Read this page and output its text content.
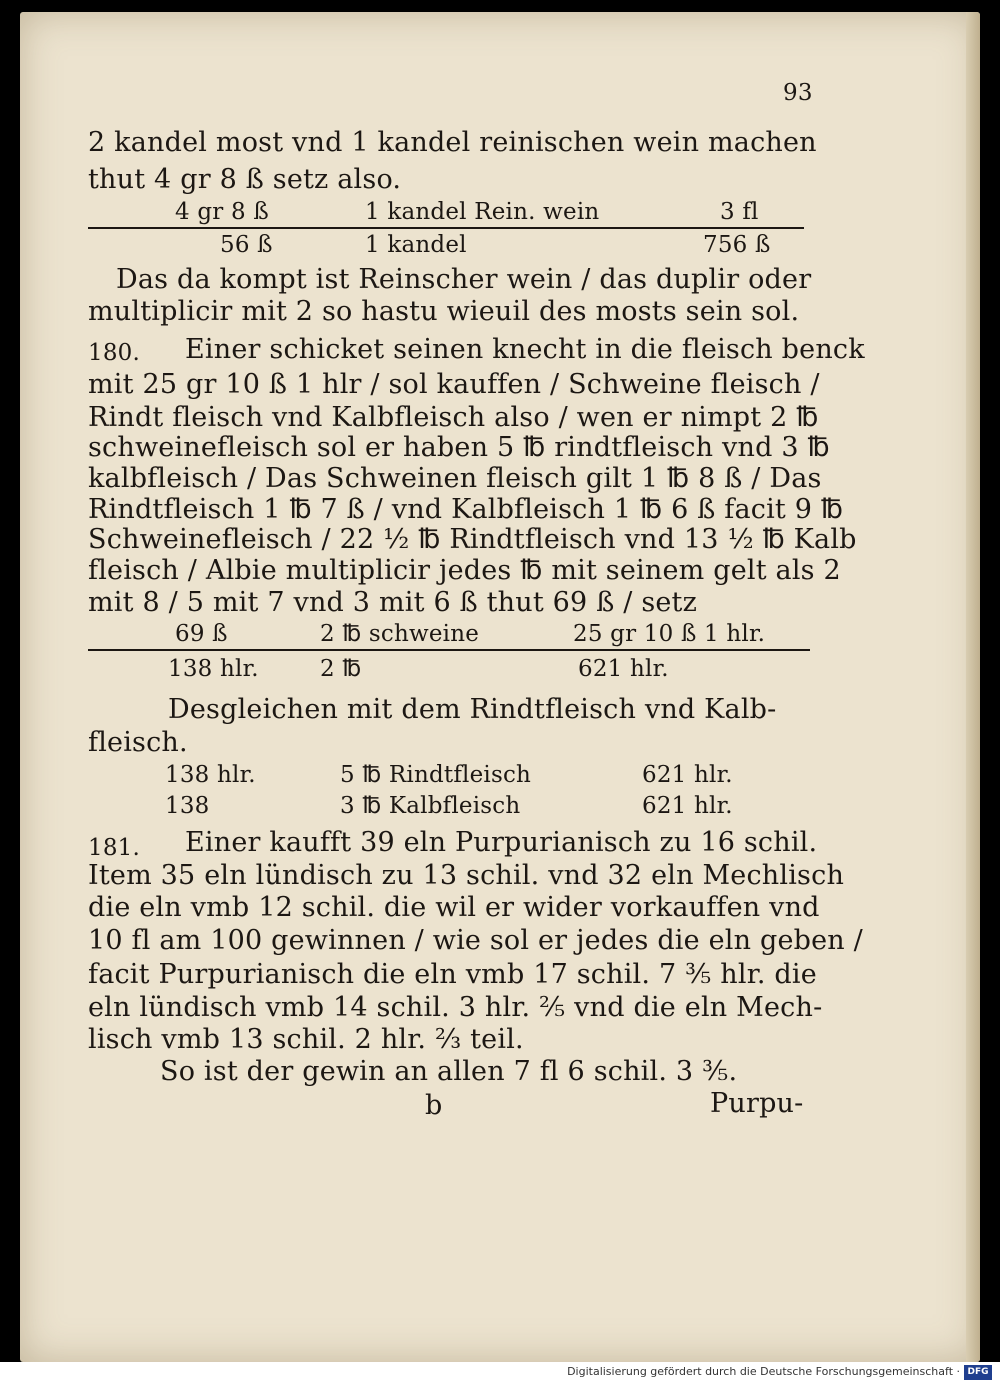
93
2 kandel most vnd 1 kandel reinischen wein machen
thut 4 gr 8 ß setz also.
4 gr 8 ß	1 kandel Rein. wein	3 fl
56 ß	1 kandel	756 ß
Das da kompt ist Reinscher wein / das duplir oder
multiplicir mit 2 so hastu wieuil des mosts sein sol.
180. Einer schicket seinen knecht in die fleisch benck
mit 25 gr 10 ß 1 hlr / sol kauffen / Schweine fleisch /
Rindt fleisch vnd Kalbfleisch also / wen er nimpt 2 ℔
schweinefleisch sol er haben 5 ℔ rindtfleisch vnd 3 ℔
kalbfleisch / Das Schweinen fleisch gilt 1 ℔ 8 ß / Das
Rindtfleisch 1 ℔ 7 ß / vnd Kalbfleisch 1 ℔ 6 ß facit 9 ℔
Schweinefleisch / 22 ½ ℔ Rindtfleisch vnd 13 ½ ℔ Kalb
fleisch / Albie multiplicir jedes ℔ mit seinem gelt als 2
mit 8 / 5 mit 7 vnd 3 mit 6 ß thut 69 ß / setz
69 ß	2 ℔ schweine	25 gr 10 ß 1 hlr.
138 hlr.	2 ℔	621 hlr.
Desgleichen mit dem Rindtfleisch vnd Kalb-
fleisch.
138 hlr.	5 ℔ Rindtfleisch	621 hlr.
138	3 ℔ Kalbfleisch	621 hlr.
181. Einer kaufft 39 eln Purpurianisch zu 16 schil.
Item 35 eln lündisch zu 13 schil. vnd 32 eln Mechlisch
die eln vmb 12 schil. die wil er wider vorkauffen vnd
10 fl am 100 gewinnen / wie sol er jedes die eln geben /
facit Purpurianisch die eln vmb 17 schil. 7 ⅗ hlr. die
eln lündisch vmb 14 schil. 3 hlr. ⅖ vnd die eln Mech-
lisch vmb 13 schil. 2 hlr. ⅔ teil.
So ist der gewin an allen 7 fl 6 schil. 3 ⅗.
b	Purpu-
Digitalisierung gefördert durch die Deutsche Forschungsgemeinschaft · DFG
